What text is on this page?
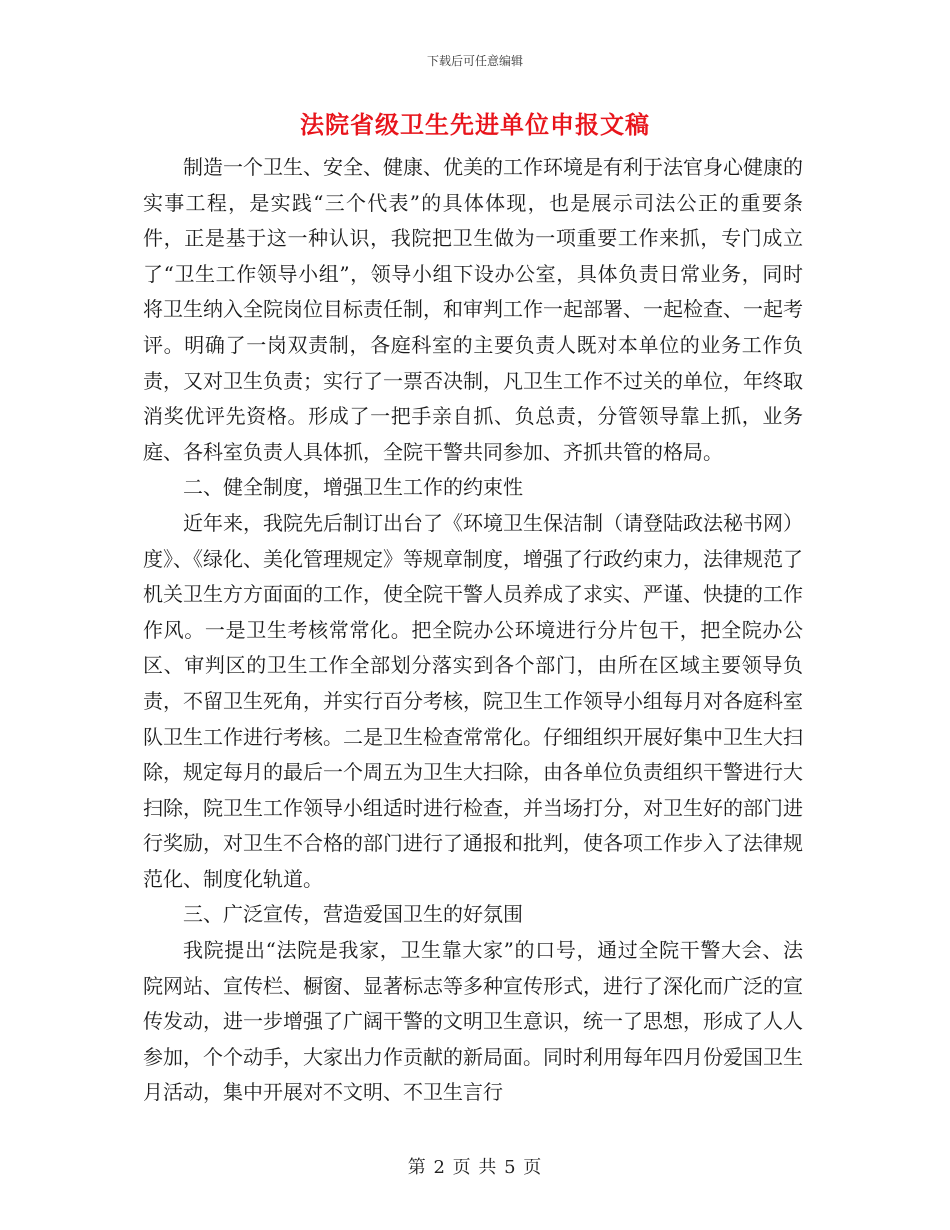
下载后可任意编辑
法院省级卫生先进单位申报文稿

制造一个卫生、安全、健康、优美的工作环境是有利于法官身心健康的实事工程，是实践“三个代表”的具体体现，也是展示司法公正的重要条件，正是基于这一种认识，我院把卫生做为一项重要工作来抓，专门成立了“卫生工作领导小组”，领导小组下设办公室，具体负责日常业务，同时将卫生纳入全院岗位目标责任制，和审判工作一起部署、一起检查、一起考评。明确了一岗双责制，各庭科室的主要负责人既对本单位的业务工作负责，又对卫生负责；实行了一票否决制，凡卫生工作不过关的单位，年终取消奖优评先资格。形成了一把手亲自抓、负总责，分管领导靠上抓，业务庭、各科室负责人具体抓，全院干警共同参加、齐抓共管的格局。

二、健全制度，增强卫生工作的约束性

近年来，我院先后制订出台了《环境卫生保洁制（请登陆政法秘书网）度》、《绿化、美化管理规定》等规章制度，增强了行政约束力，法律规范了机关卫生方方面面的工作，使全院干警人员养成了求实、严谨、快捷的工作作风。一是卫生考核常常化。把全院办公环境进行分片包干，把全院办公区、审判区的卫生工作全部划分落实到各个部门，由所在区域主要领导负责，不留卫生死角，并实行百分考核，院卫生工作领导小组每月对各庭科室队卫生工作进行考核。二是卫生检查常常化。仔细组织开展好集中卫生大扫除，规定每月的最后一个周五为卫生大扫除，由各单位负责组织干警进行大扫除，院卫生工作领导小组适时进行检查，并当场打分，对卫生好的部门进行奖励，对卫生不合格的部门进行了通报和批判，使各项工作步入了法律规范化、制度化轨道。

三、广泛宣传，营造爱国卫生的好氛围

我院提出“法院是我家，卫生靠大家”的口号，通过全院干警大会、法院网站、宣传栏、橱窗、显著标志等多种宣传形式，进行了深化而广泛的宣传发动，进一步增强了广阔干警的文明卫生意识，统一了思想，形成了人人参加，个个动手，大家出力作贡献的新局面。同时利用每年四月份爱国卫生月活动，集中开展对不文明、不卫生言行

第 2 页 共 5 页
